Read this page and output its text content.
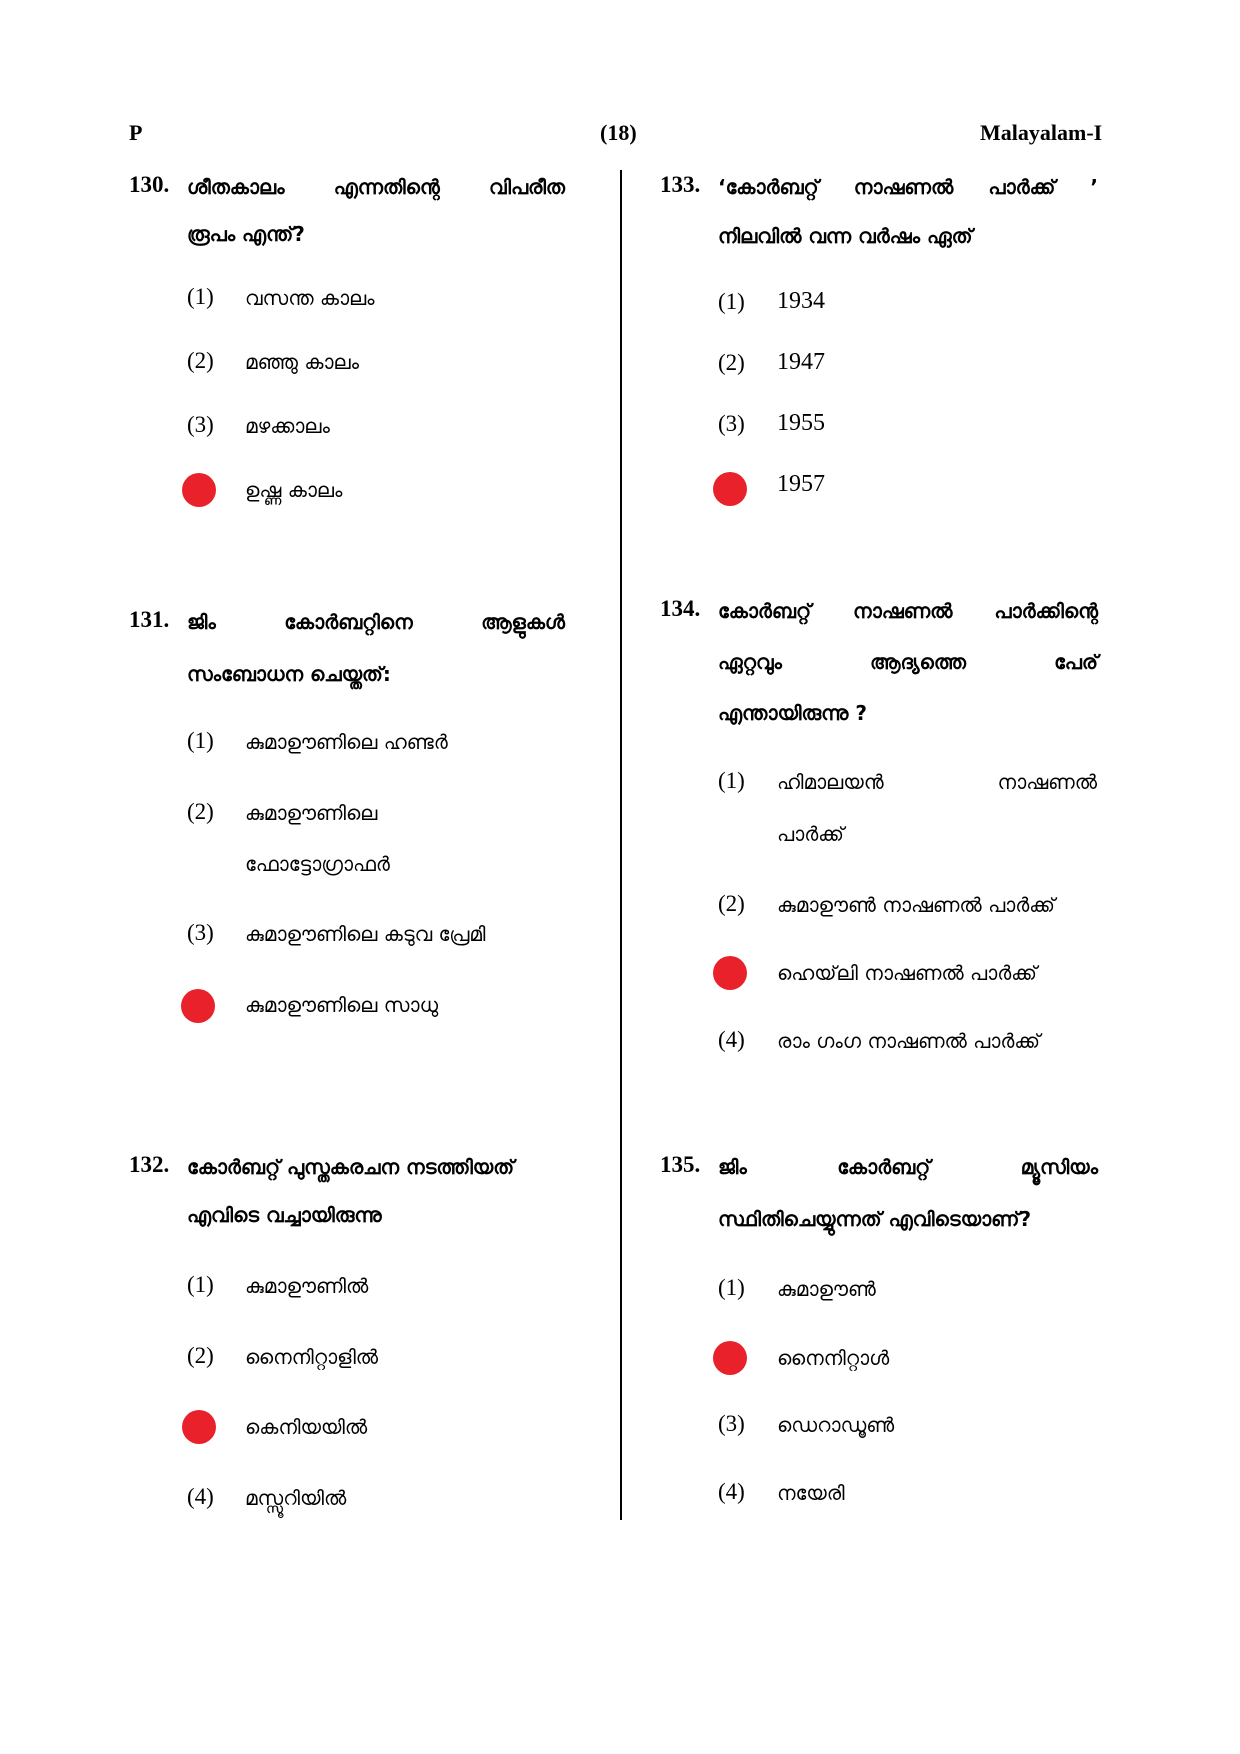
P	(18)	Malayalam-I
130. ശീതകാലം എന്നതിന്റെ വിപരീത
രൂപം എന്ത്?
(1) വസന്ത കാലം
(2) മഞ്ഞു കാലം
(3) മഴക്കാലം
ഉഷ്ണ കാലം
131. ജിം	കോർബറ്റിനെ	ആളുകൾ
സംബോധന ചെയ്തത്:
(1) കുമാഊണിലെ ഹണ്ടർ
(2) കുമാഊണിലെ
ഫോട്ടോഗ്രാഫർ
(3) കുമാഊണിലെ കടുവ പ്രേമി
കുമാഊണിലെ സാധു
132. കോർബറ്റ് പുസ്തകരചന നടത്തിയത്
എവിടെ വച്ചായിരുന്നു
(1) കുമാഊണിൽ
(2) നൈനിറ്റാളിൽ
കെനിയയിൽ
(4) മസ്സൂറിയിൽ
133. ‘കോർബറ്റ് നാഷണൽ പാർക്ക് ’
നിലവിൽ വന്ന വർഷം ഏത്
(1) 1934
(2) 1947
(3) 1955
1957
134. കോർബറ്റ് നാഷണൽ പാർക്കിന്റെ
ഏറ്റവും	ആദ്യത്തെ	പേര്
എന്തായിരുന്നു ?
(1) ഹിമാലയൻ	നാഷണൽ
പാർക്ക്
(2) കുമാഊൺ നാഷണൽ പാർക്ക്
ഹെയ്‌ലി നാഷണൽ പാർക്ക്
(4) രാം ഗംഗ നാഷണൽ പാർക്ക്
135. ജിം	കോർബറ്റ്	മ്യൂസിയം
സ്ഥിതിചെയ്യുന്നത് എവിടെയാണ്?
(1) കുമാഊൺ
നൈനിറ്റാൾ
(3) ഡെറാഡൂൺ
(4) നയേരി
